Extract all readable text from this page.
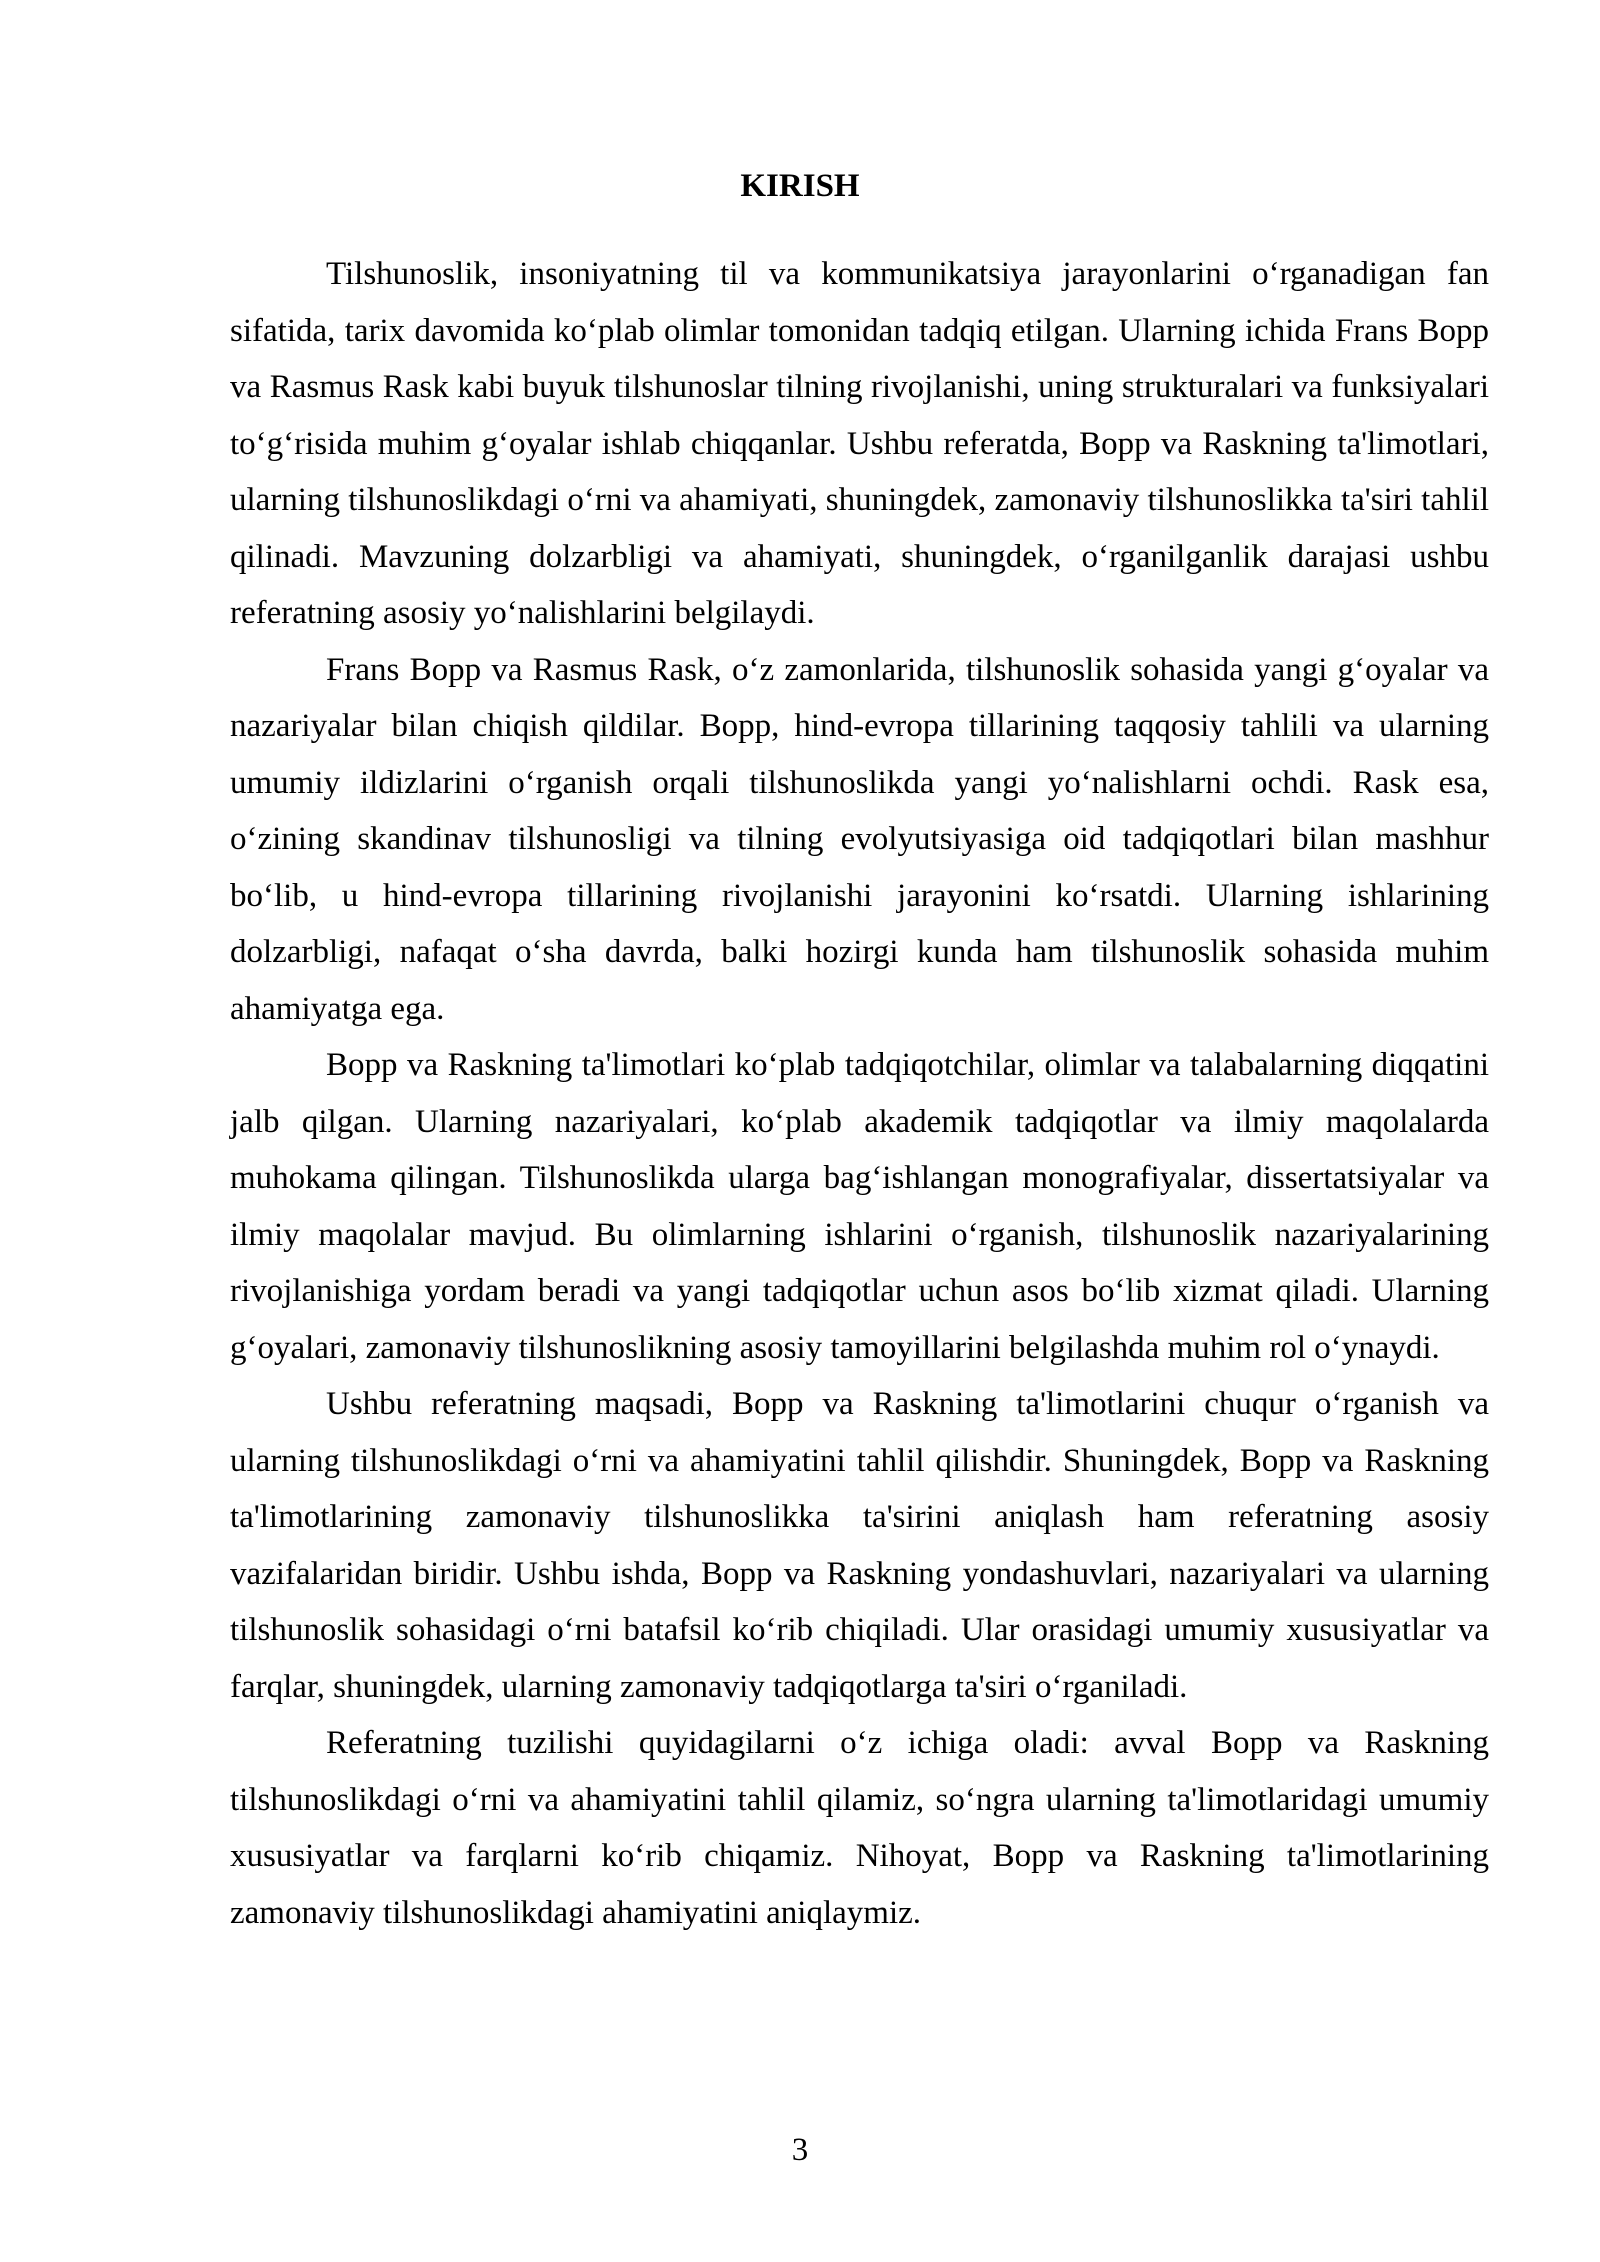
KIRISH

Tilshunoslik, insoniyatning til va kommunikatsiya jarayonlarini o‘rganadigan fan sifatida, tarix davomida ko‘plab olimlar tomonidan tadqiq etilgan. Ularning ichida Frans Bopp va Rasmus Rask kabi buyuk tilshunoslar tilning rivojlanishi, uning strukturalari va funksiyalari to‘g‘risida muhim g‘oyalar ishlab chiqqanlar. Ushbu referatda, Bopp va Raskning ta'limotlari, ularning tilshunoslikdagi o‘rni va ahamiyati, shuningdek, zamonaviy tilshunoslikka ta'siri tahlil qilinadi. Mavzuning dolzarbligi va ahamiyati, shuningdek, o‘rganilganlik darajasi ushbu referatning asosiy yo‘nalishlarini belgilaydi.

Frans Bopp va Rasmus Rask, o‘z zamonlarida, tilshunoslik sohasida yangi g‘oyalar va nazariyalar bilan chiqish qildilar. Bopp, hind-evropa tillarining taqqosiy tahlili va ularning umumiy ildizlarini o‘rganish orqali tilshunoslikda yangi yo‘nalishlarni ochdi. Rask esa, o‘zining skandinav tilshunosligi va tilning evolyutsiyasiga oid tadqiqotlari bilan mashhur bo‘lib, u hind-evropa tillarining rivojlanishi jarayonini ko‘rsatdi. Ularning ishlarining dolzarbligi, nafaqat o‘sha davrda, balki hozirgi kunda ham tilshunoslik sohasida muhim ahamiyatga ega.

Bopp va Raskning ta'limotlari ko‘plab tadqiqotchilar, olimlar va talabalarning diqqatini jalb qilgan. Ularning nazariyalari, ko‘plab akademik tadqiqotlar va ilmiy maqolalarda muhokama qilingan. Tilshunoslikda ularga bag‘ishlangan monografiyalar, dissertatsiyalar va ilmiy maqolalar mavjud. Bu olimlarning ishlarini o‘rganish, tilshunoslik nazariyalarining rivojlanishiga yordam beradi va yangi tadqiqotlar uchun asos bo‘lib xizmat qiladi. Ularning g‘oyalari, zamonaviy tilshunoslikning asosiy tamoyillarini belgilashda muhim rol o‘ynaydi.

Ushbu referatning maqsadi, Bopp va Raskning ta'limotlarini chuqur o‘rganish va ularning tilshunoslikdagi o‘rni va ahamiyatini tahlil qilishdir. Shuningdek, Bopp va Raskning ta'limotlarining zamonaviy tilshunoslikka ta'sirini aniqlash ham referatning asosiy vazifalaridan biridir. Ushbu ishda, Bopp va Raskning yondashuvlari, nazariyalari va ularning tilshunoslik sohasidagi o‘rni batafsil ko‘rib chiqiladi. Ular orasidagi umumiy xususiyatlar va farqlar, shuningdek, ularning zamonaviy tadqiqotlarga ta'siri o‘rganiladi.

Referatning tuzilishi quyidagilarni o‘z ichiga oladi: avval Bopp va Raskning tilshunoslikdagi o‘rni va ahamiyatini tahlil qilamiz, so‘ngra ularning ta'limotlaridagi umumiy xususiyatlar va farqlarni ko‘rib chiqamiz. Nihoyat, Bopp va Raskning ta'limotlarining zamonaviy tilshunoslikdagi ahamiyatini aniqlaymiz.

3
